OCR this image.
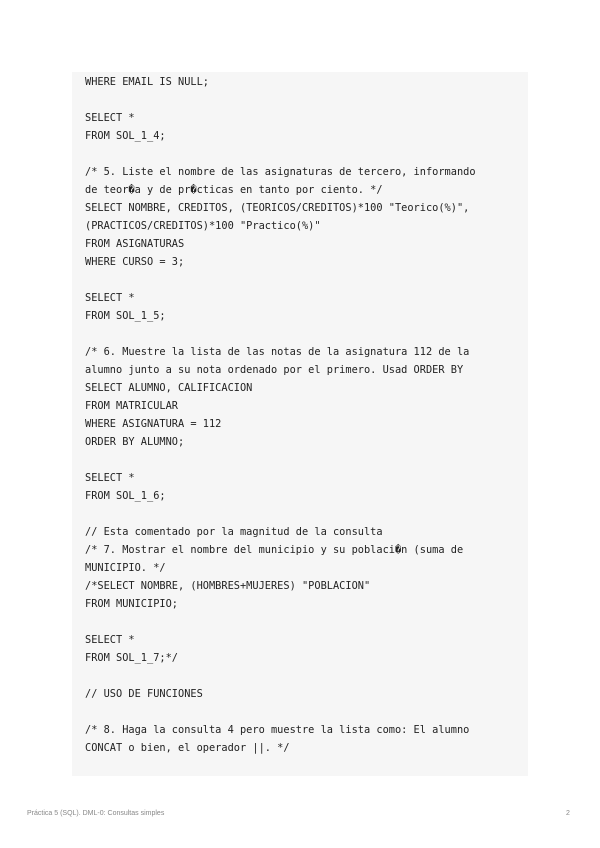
WHERE EMAIL IS NULL;
SELECT *
FROM SOL_1_4;
/* 5. Liste el nombre de las asignaturas de tercero, informando
de teor�a y de pr�cticas en tanto por ciento. */
SELECT NOMBRE, CREDITOS, (TEORICOS/CREDITOS)*100 "Teorico(%)",
(PRACTICOS/CREDITOS)*100 "Practico(%)"
FROM ASIGNATURAS
WHERE CURSO = 3;
SELECT *
FROM SOL_1_5;
/* 6. Muestre la lista de las notas de la asignatura 112 de la
alumno junto a su nota ordenado por el primero. Usad ORDER BY
SELECT ALUMNO, CALIFICACION
FROM MATRICULAR
WHERE ASIGNATURA = 112
ORDER BY ALUMNO;
SELECT *
FROM SOL_1_6;
// Esta comentado por la magnitud de la consulta
/* 7. Mostrar el nombre del municipio y su poblaci�n (suma de
MUNICIPIO. */
/*SELECT NOMBRE, (HOMBRES+MUJERES) "POBLACION"
FROM MUNICIPIO;
SELECT *
FROM SOL_1_7;*/
// USO DE FUNCIONES
/* 8. Haga la consulta 4 pero muestre la lista como: El alumno
CONCAT o bien, el operador ||. */
Práctica 5 (SQL). DML-0: Consultas simples	2
